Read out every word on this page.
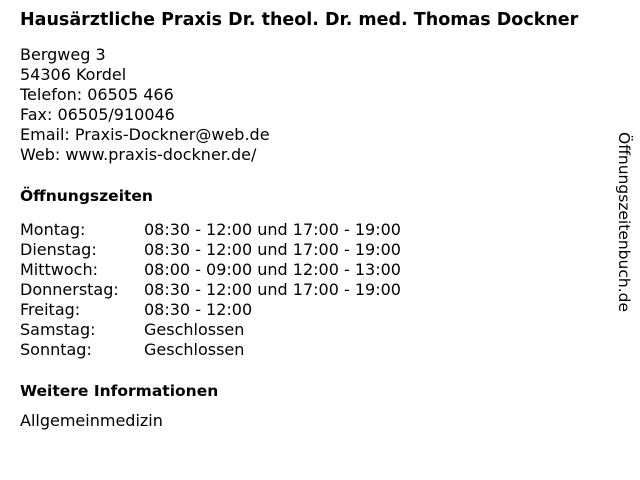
Hausärztliche Praxis Dr. theol. Dr. med. Thomas Dockner
Bergweg 3
54306 Kordel
Telefon: 06505 466
Fax: 06505/910046
Email: Praxis-Dockner@web.de
Web: www.praxis-dockner.de/
Öffnungszeiten
Montag:	08:30 - 12:00 und 17:00 - 19:00
Dienstag:	08:30 - 12:00 und 17:00 - 19:00
Mittwoch:	08:00 - 09:00 und 12:00 - 13:00
Donnerstag:	08:30 - 12:00 und 17:00 - 19:00
Freitag:	08:30 - 12:00
Samstag:	Geschlossen
Sonntag:	Geschlossen
Weitere Informationen
Allgemeinmedizin
Öffnungszeitenbuch.de
